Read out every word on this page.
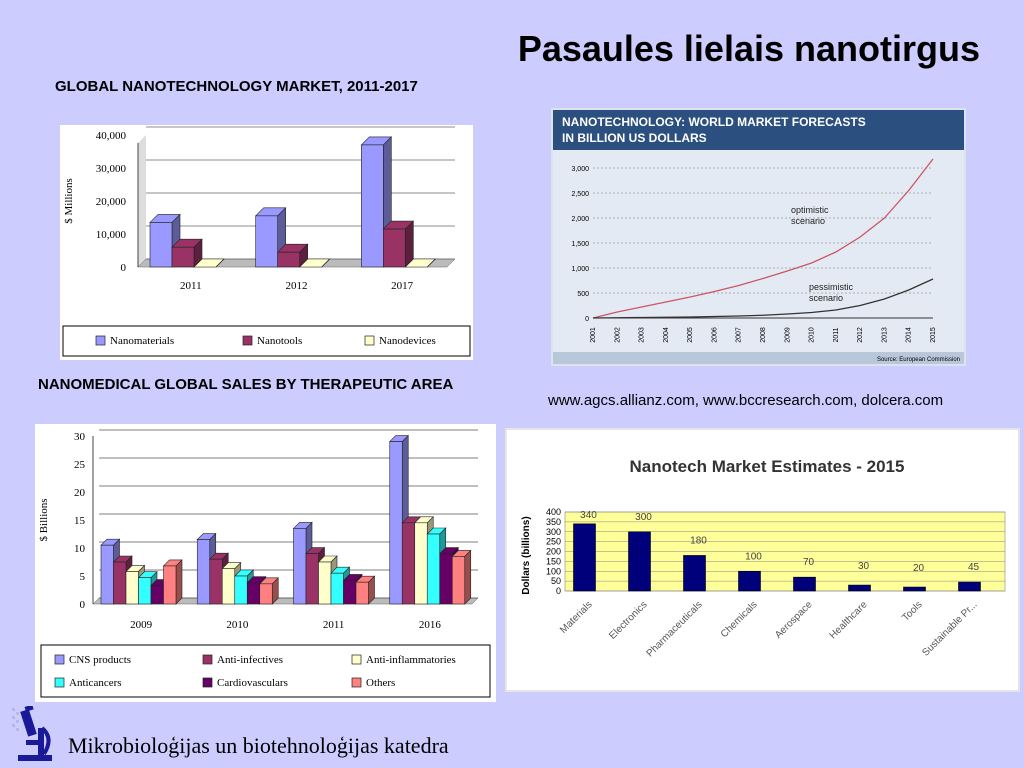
Pasaules lielais nanotirgus
GLOBAL NANOTECHNOLOGY MARKET, 2011-2017
NANOMEDICAL GLOBAL SALES BY THERAPEUTIC AREA
www.agcs.allianz.com, www.bccresearch.com, dolcera.com
0
10,000
20,000
30,000
40,000
$ Millions
2011	2012	2017
Nanomaterials	Nanotools	Nanodevices
NANOTECHNOLOGY: WORLD MARKET FORECASTS
IN BILLION US DOLLARS
0
500
1,000
1,500
2,000
2,500
3,000
2001 2002 2003 2004 2005 2006 2007 2008 2009 2010 2011 2012 2013 2014 2015
optimistic
scenario
pessimistic
scenario
Source: European Commission
0
5
10
15
20
25
30
$ Billions
2009	2010	2011	2016
CNS products	Anti-infectives	Anti-inflammatories
Anticancers	Cardiovasculars	Others
Nanotech Market Estimates - 2015
0
50
100
150
200
250
300
350
400
Dollars (billions)
340
Materials
300
Electronics
180
Pharmaceuticals
100
Chemicals
70
Aerospace
30
Healthcare
20
Tools
45
Sustainable Pr...
Mikrobioloģijas un biotehnoloģijas katedra
